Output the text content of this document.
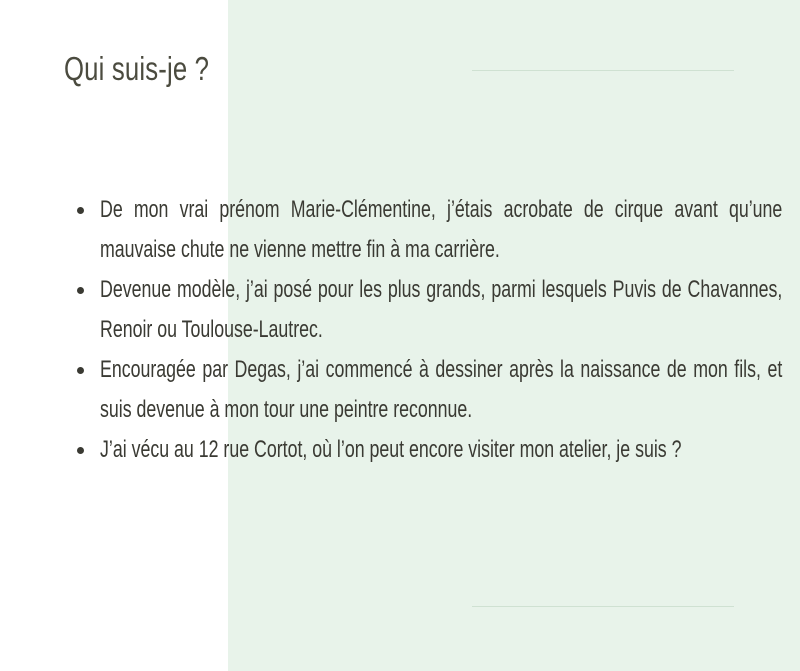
Qui suis-je ?
De mon vrai prénom Marie-Clémentine, j’étais acrobate de cirque avant qu’une mauvaise chute ne vienne mettre fin à ma carrière.
Devenue modèle, j’ai posé pour les plus grands, parmi lesquels Puvis de Chavannes, Renoir ou Toulouse-Lautrec.
Encouragée par Degas, j’ai commencé à dessiner après la naissance de mon fils, et suis devenue à mon tour une peintre reconnue.
J’ai vécu au 12 rue Cortot, où l’on peut encore visiter mon atelier, je suis ?
